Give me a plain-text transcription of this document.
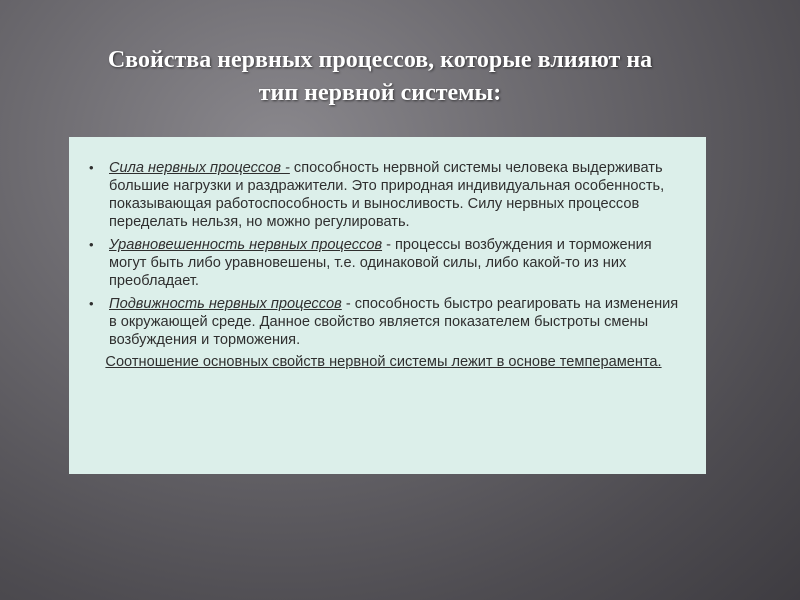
Свойства нервных процессов, которые влияют на тип нервной системы:
• Сила нервных процессов - способность нервной системы человека выдерживать большие нагрузки и раздражители. Это природная индивидуальная особенность, показывающая работоспособность и выносливость. Силу нервных процессов переделать нельзя, но можно регулировать.
• Уравновешенность нервных процессов - процессы возбуждения и торможения могут быть либо уравновешены, т.е. одинаковой силы, либо какой-то из них преобладает.
• Подвижность нервных процессов - способность быстро реагировать на изменения в окружающей среде. Данное свойство является показателем быстроты смены возбуждения и торможения.

Соотношение основных свойств нервной системы лежит в основе темперамента.
